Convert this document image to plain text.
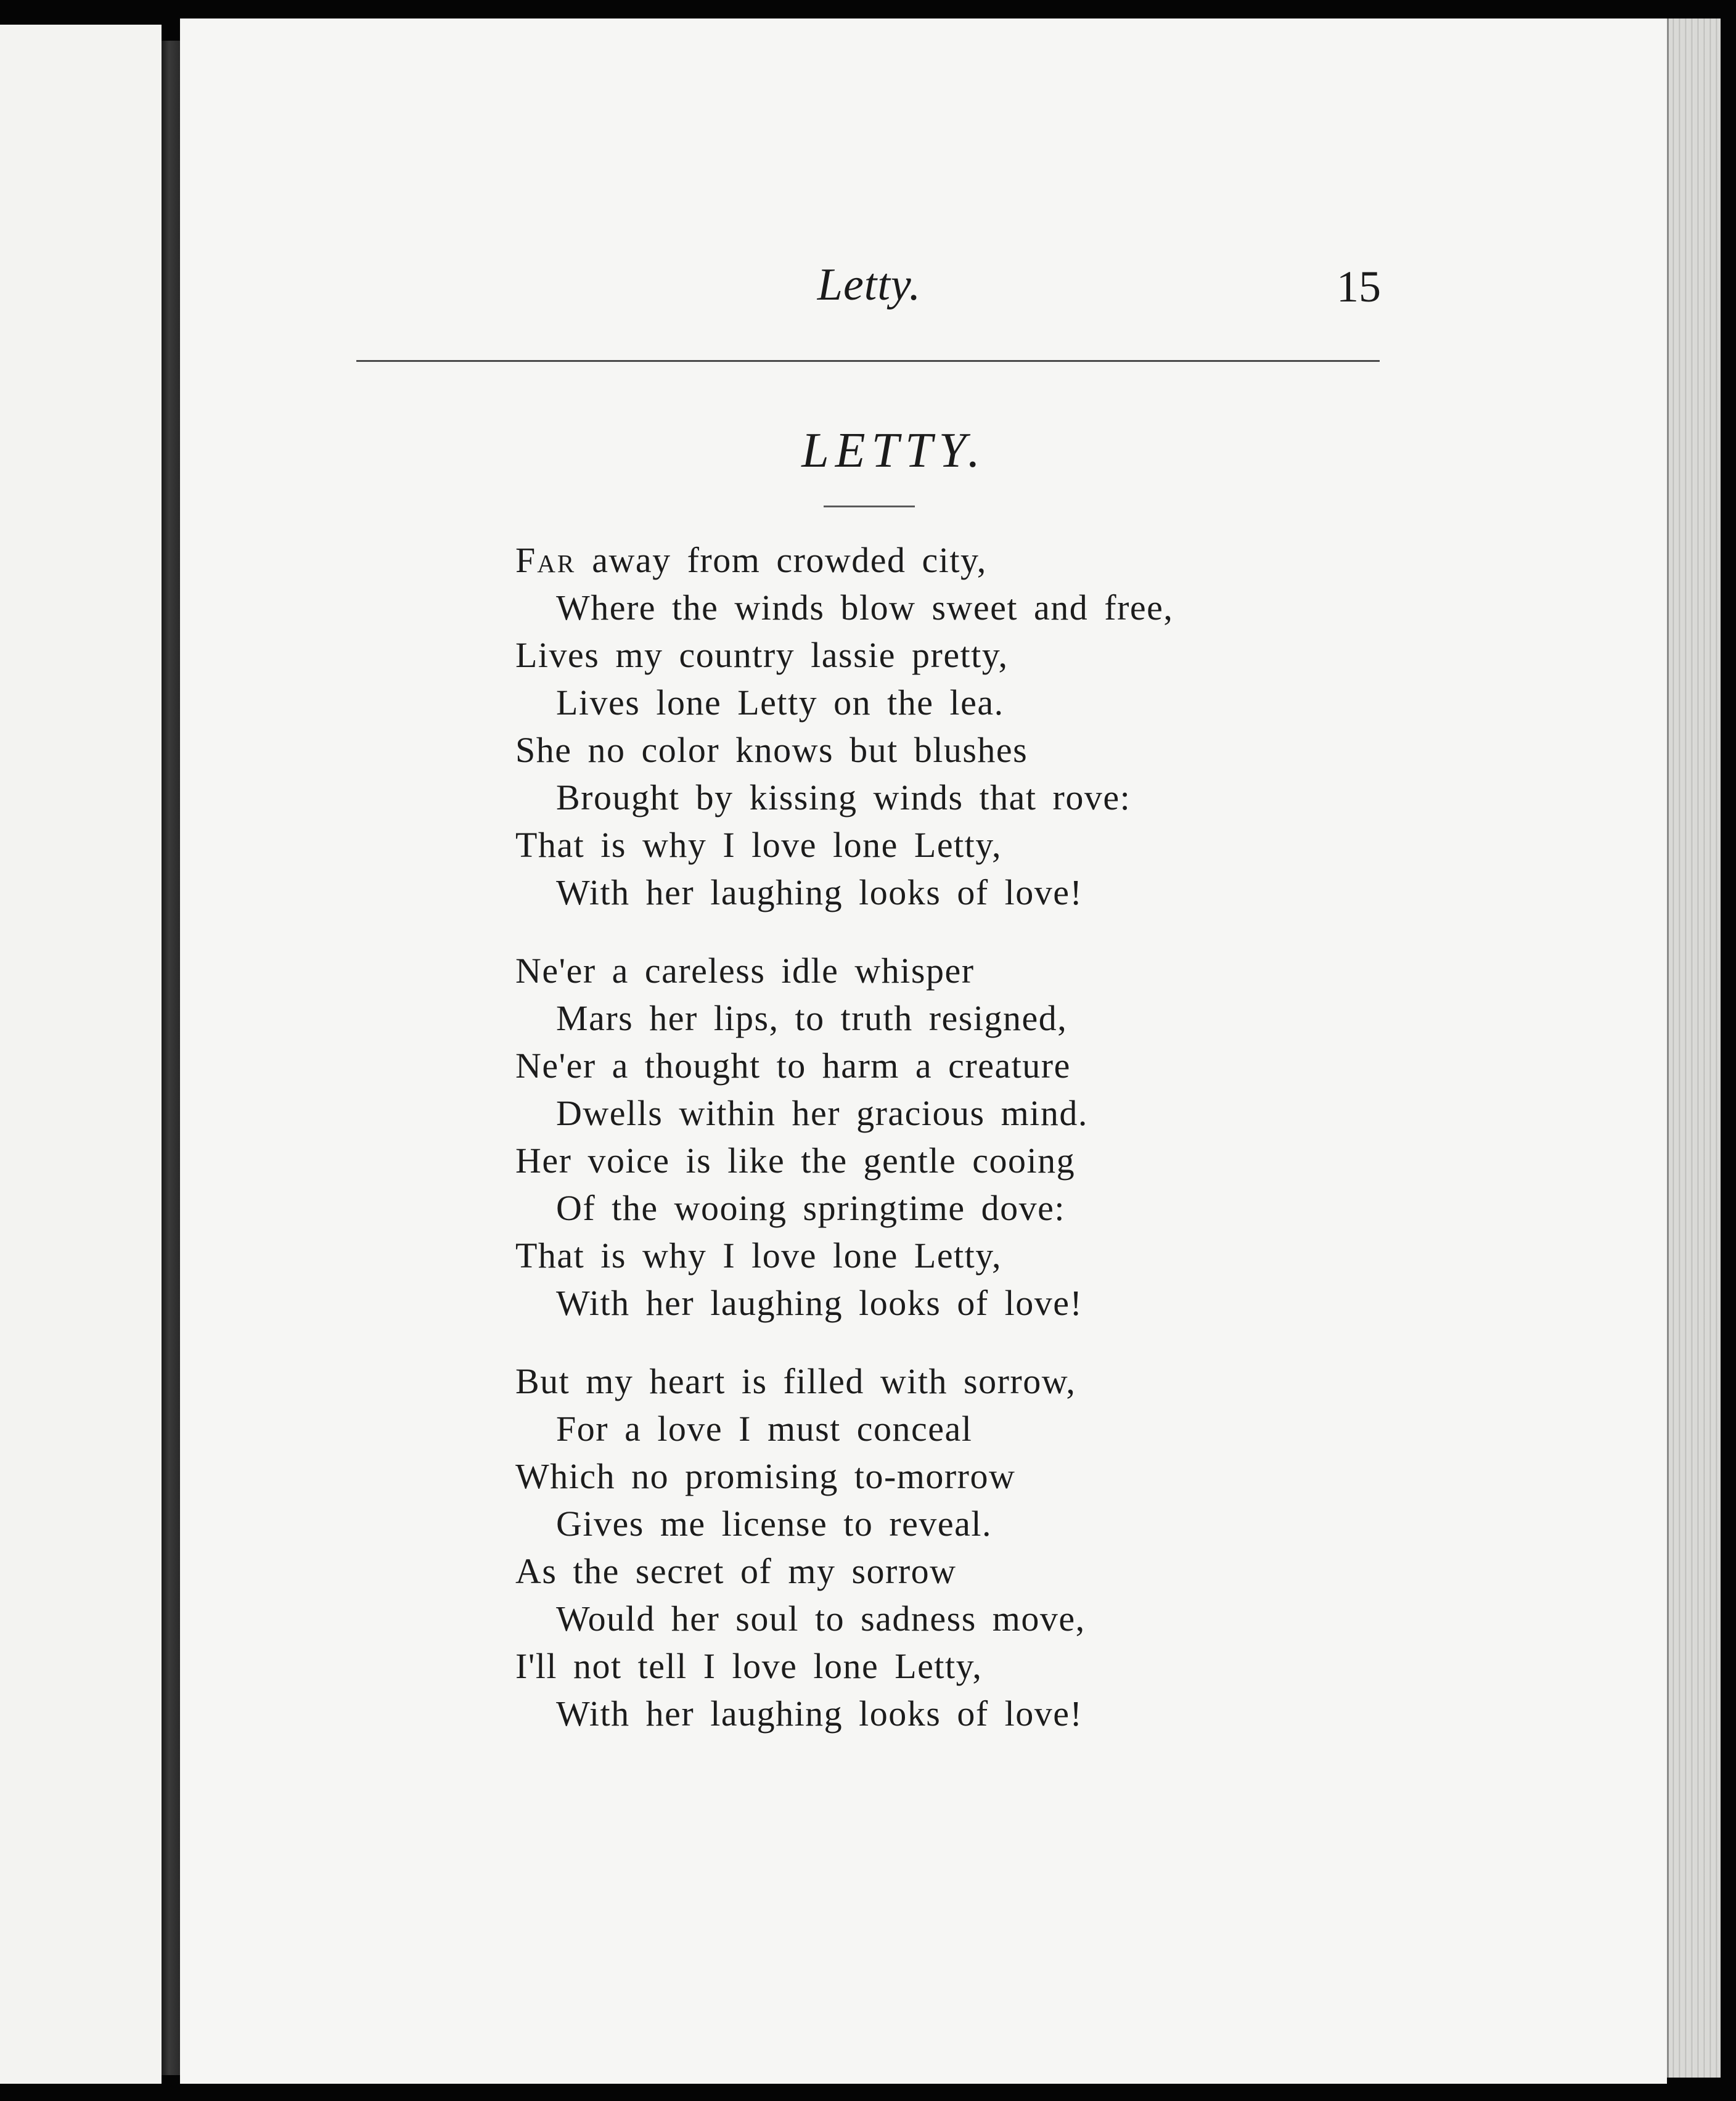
Letty.	15
LETTY.
Far away from crowded city,
Where the winds blow sweet and free,
Lives my country lassie pretty,
Lives lone Letty on the lea.
She no color knows but blushes
Brought by kissing winds that rove:
That is why I love lone Letty,
With her laughing looks of love!
Ne'er a careless idle whisper
Mars her lips, to truth resigned,
Ne'er a thought to harm a creature
Dwells within her gracious mind.
Her voice is like the gentle cooing
Of the wooing springtime dove:
That is why I love lone Letty,
With her laughing looks of love!
But my heart is filled with sorrow,
For a love I must conceal
Which no promising to-morrow
Gives me license to reveal.
As the secret of my sorrow
Would her soul to sadness move,
I'll not tell I love lone Letty,
With her laughing looks of love!
